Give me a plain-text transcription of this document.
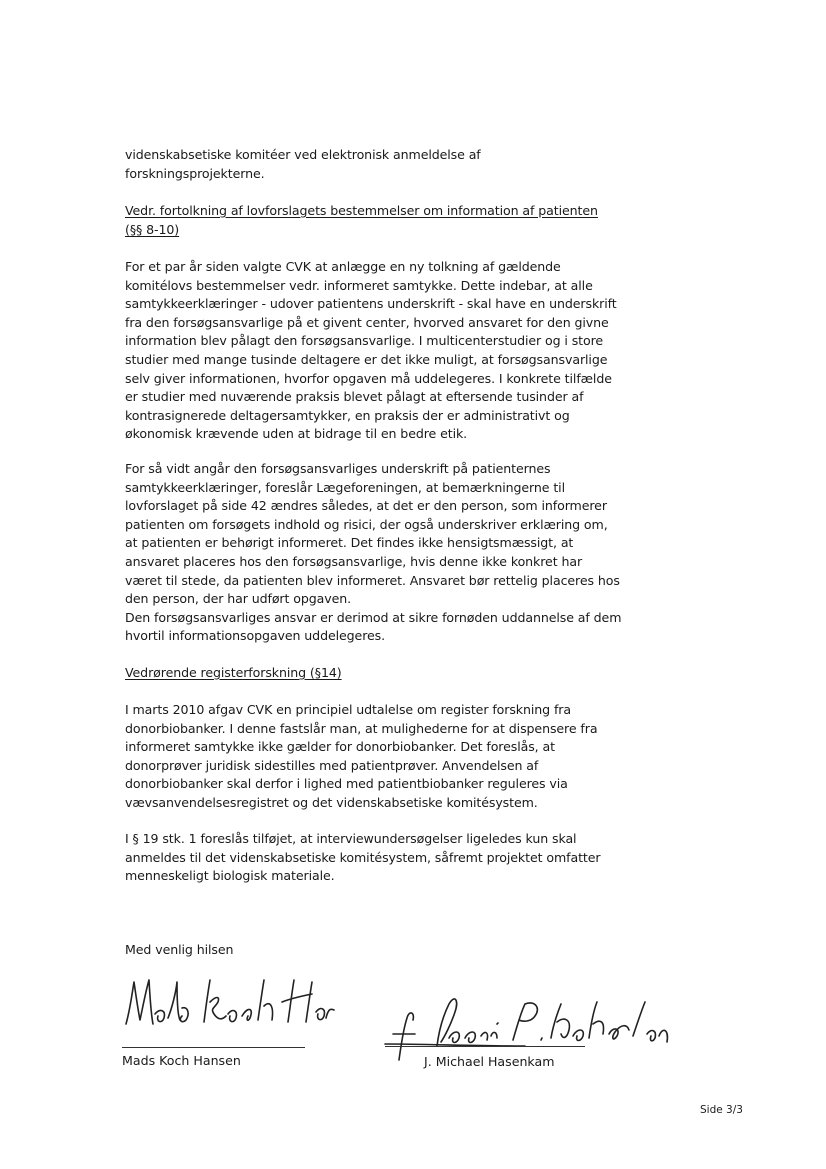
videnskabsetiske komitéer ved elektronisk anmeldelse af
forskningsprojekterne.
Vedr. fortolkning af lovforslagets bestemmelser om information af patienten
(§§ 8-10)
For et par år siden valgte CVK at anlægge en ny tolkning af gældende
komitélovs bestemmelser vedr. informeret samtykke. Dette indebar, at alle
samtykkeerklæringer - udover patientens underskrift - skal have en underskrift
fra den forsøgsansvarlige på et givent center, hvorved ansvaret for den givne
information blev pålagt den forsøgsansvarlige. I multicenterstudier og i store
studier med mange tusinde deltagere er det ikke muligt, at forsøgsansvarlige
selv giver informationen, hvorfor opgaven må uddelegeres. I konkrete tilfælde
er studier med nuværende praksis blevet pålagt at eftersende tusinder af
kontrasignerede deltagersamtykker, en praksis der er administrativt og
økonomisk krævende uden at bidrage til en bedre etik.
For så vidt angår den forsøgsansvarliges underskrift på patienternes
samtykkeerklæringer, foreslår Lægeforeningen, at bemærkningerne til
lovforslaget på side 42 ændres således, at det er den person, som informerer
patienten om forsøgets indhold og risici, der også underskriver erklæring om,
at patienten er behørigt informeret. Det findes ikke hensigtsmæssigt, at
ansvaret placeres hos den forsøgsansvarlige, hvis denne ikke konkret har
været til stede, da patienten blev informeret. Ansvaret bør rettelig placeres hos
den person, der har udført opgaven.
Den forsøgsansvarliges ansvar er derimod at sikre fornøden uddannelse af dem
hvortil informationsopgaven uddelegeres.
Vedrørende registerforskning (§14)
I marts 2010 afgav CVK en principiel udtalelse om register forskning fra
donorbiobanker. I denne fastslår man, at mulighederne for at dispensere fra
informeret samtykke ikke gælder for donorbiobanker. Det foreslås, at
donorprøver juridisk sidestilles med patientprøver. Anvendelsen af
donorbiobanker skal derfor i lighed med patientbiobanker reguleres via
vævsanvendelsesregistret og det videnskabsetiske komitésystem.
I § 19 stk. 1 foreslås tilføjet, at interviewundersøgelser ligeledes kun skal
anmeldes til det videnskabsetiske komitésystem, såfremt projektet omfatter
menneskeligt biologisk materiale.
Med venlig hilsen
Mads Koch Hansen	J. Michael Hasenkam
Side 3/3
